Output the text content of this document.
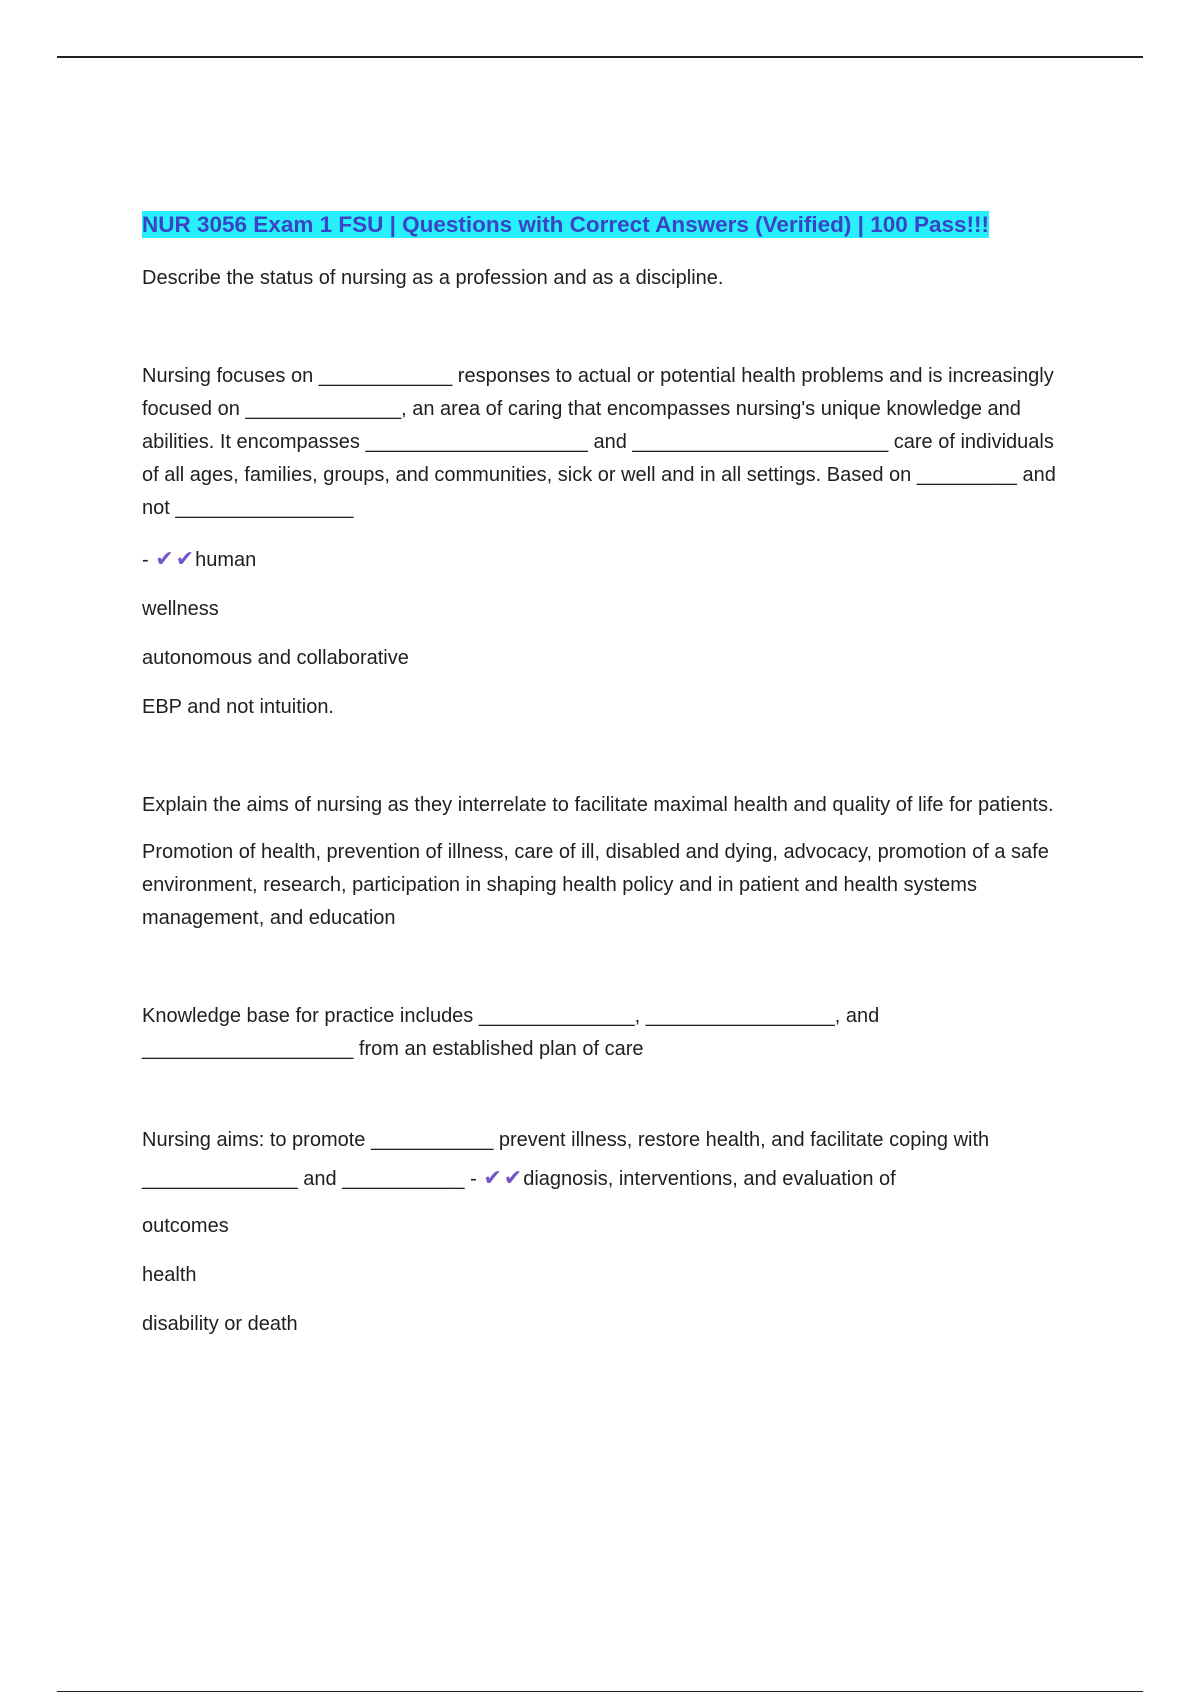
NUR 3056 Exam 1 FSU | Questions with Correct Answers (Verified) | 100 Pass!!!

Describe the status of nursing as a profession and as a discipline.

Nursing focuses on ____________ responses to actual or potential health problems and is increasingly focused on ______________, an area of caring that encompasses nursing's unique knowledge and abilities. It encompasses ____________________ and _______________________ care of individuals of all ages, families, groups, and communities, sick or well and in all settings. Based on _________ and not ________________

- ✔✔human

wellness

autonomous and collaborative

EBP and not intuition.

Explain the aims of nursing as they interrelate to facilitate maximal health and quality of life for patients.

Promotion of health, prevention of illness, care of ill, disabled and dying, advocacy, promotion of a safe environment, research, participation in shaping health policy and in patient and health systems management, and education

Knowledge base for practice includes ______________, _________________, and ___________________ from an established plan of care

Nursing aims: to promote ___________ prevent illness, restore health, and facilitate coping with ______________ and ___________ - ✔✔diagnosis, interventions, and evaluation of

outcomes

health

disability or death
